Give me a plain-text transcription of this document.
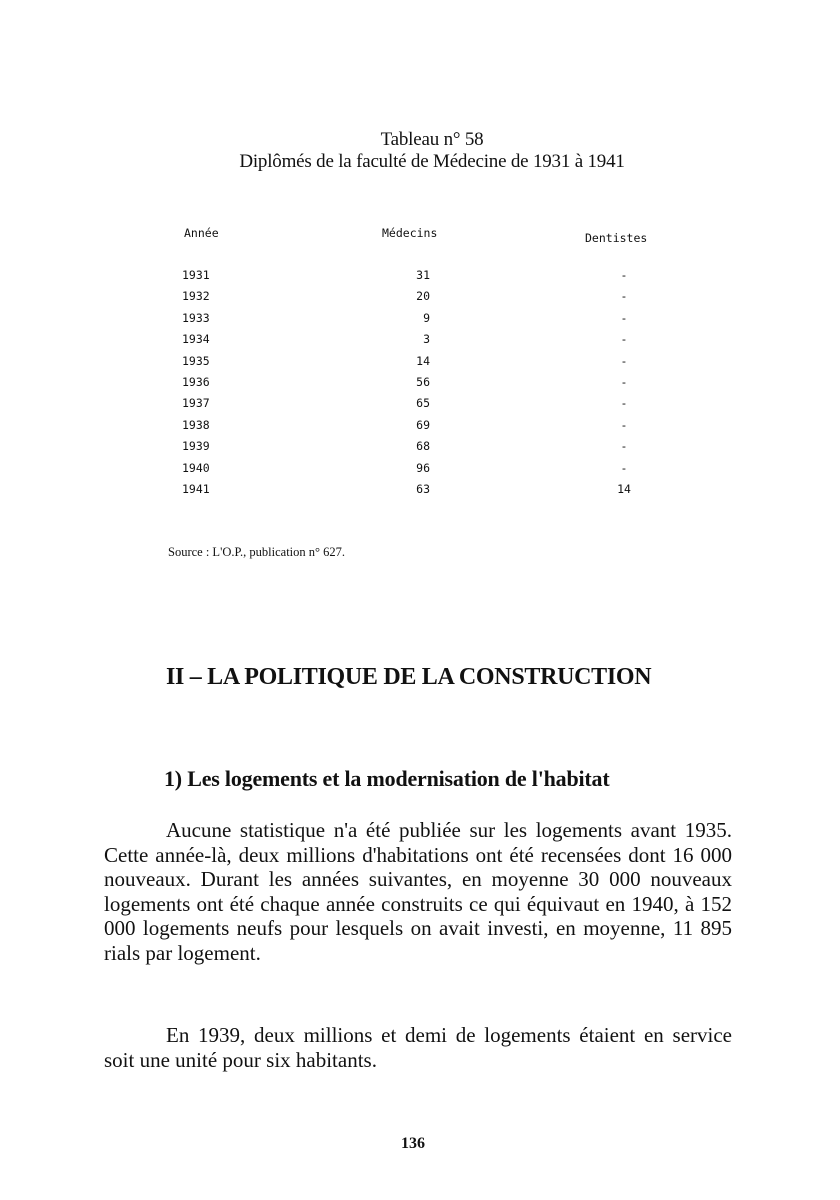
Tableau n° 58
Diplômés de la faculté de Médecine de 1931 à 1941
Année	Médecins	Dentistes
1931	31	-
1932	20	-
1933	9	-
1934	3	-
1935	14	-
1936	56	-
1937	65	-
1938	69	-
1939	68	-
1940	96	-
1941	63	14
Source : L'O.P., publication n° 627.
II – LA POLITIQUE DE LA CONSTRUCTION
1) Les logements et la modernisation de l'habitat

Aucune statistique n'a été publiée sur les logements avant 1935. Cette année-là, deux millions d'habitations ont été recensées dont 16 000 nouveaux. Durant les années suivantes, en moyenne 30 000 nouveaux logements ont été chaque année construits ce qui équivaut en 1940, à 152 000 logements neufs pour lesquels on avait investi, en moyenne, 11 895 rials par logement.

En 1939, deux millions et demi de logements étaient en service soit une unité pour six habitants.

136
